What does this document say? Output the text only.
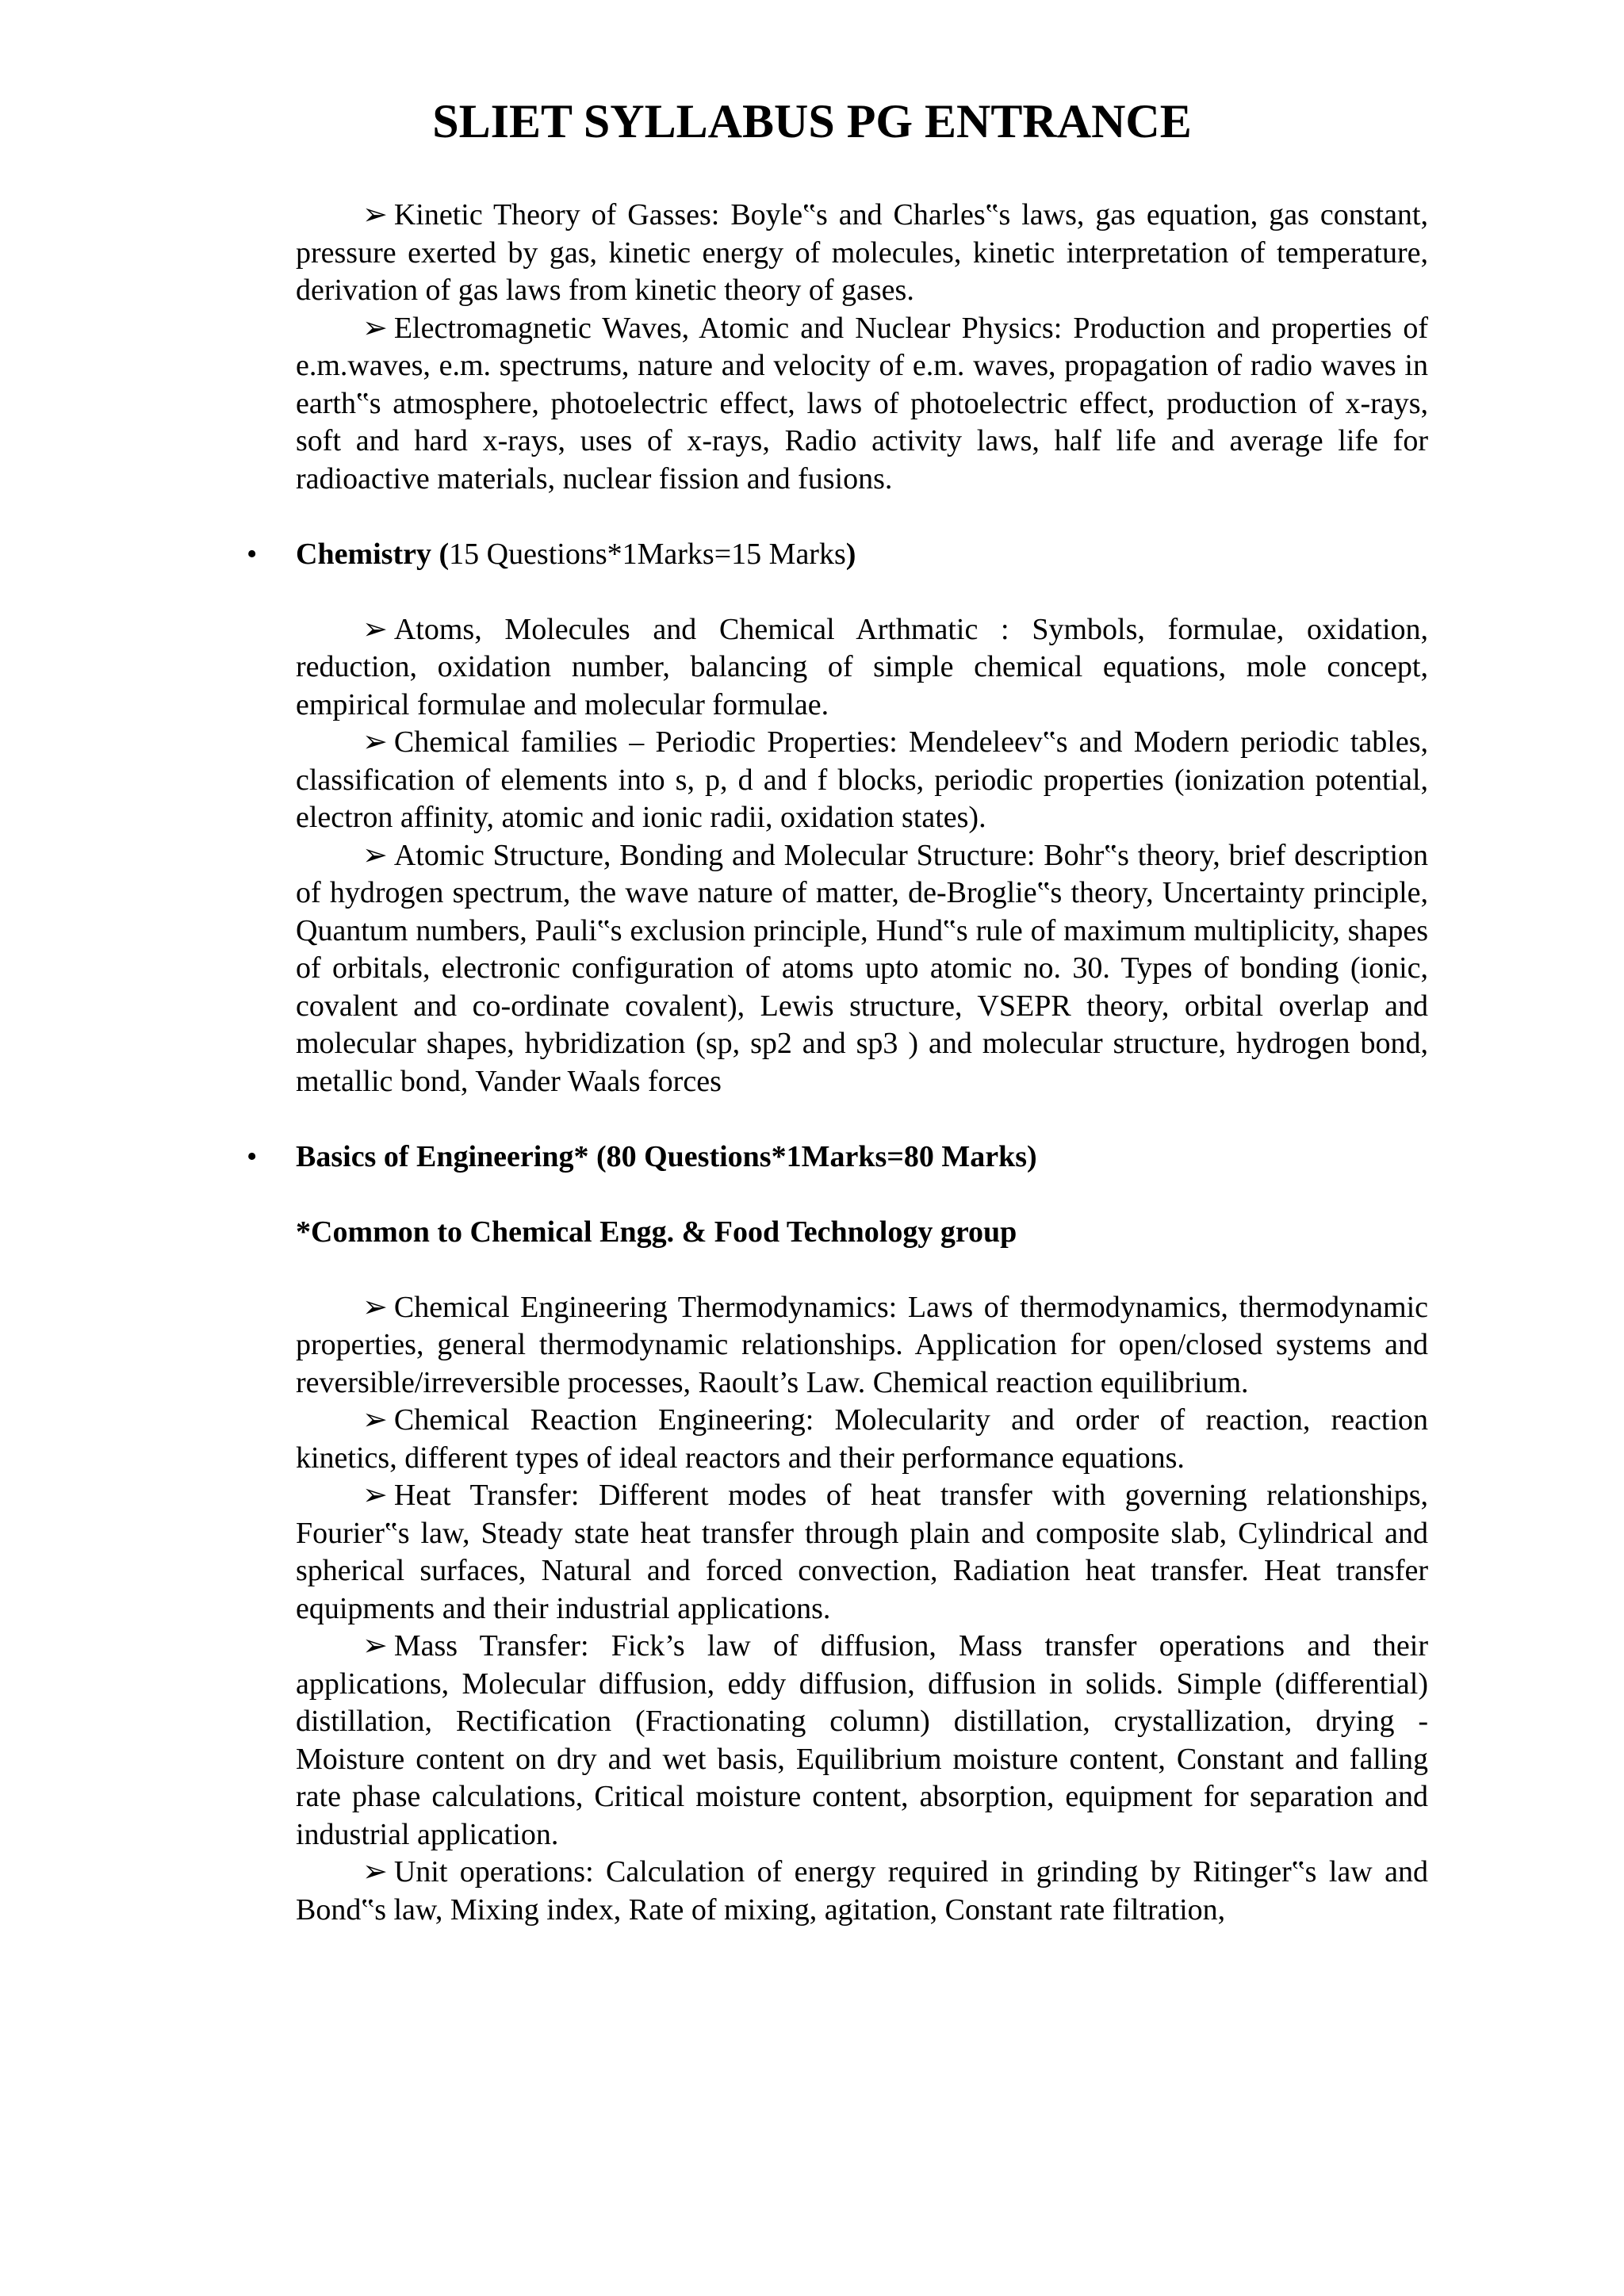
SLIET SYLLABUS PG ENTRANCE

➢ Kinetic Theory of Gasses: Boyle‟s and Charles‟s laws, gas equation, gas constant, pressure exerted by gas, kinetic energy of molecules, kinetic interpretation of temperature, derivation of gas laws from kinetic theory of gases.

➢ Electromagnetic Waves, Atomic and Nuclear Physics: Production and properties of e.m.waves, e.m. spectrums, nature and velocity of e.m. waves, propagation of radio waves in earth‟s atmosphere, photoelectric effect, laws of photoelectric effect, production of x-rays, soft and hard x-rays, uses of x-rays, Radio activity laws, half life and average life for radioactive materials, nuclear fission and fusions.

• Chemistry (15 Questions*1Marks=15 Marks)

➢ Atoms, Molecules and Chemical Arthmatic : Symbols, formulae, oxidation, reduction, oxidation number, balancing of simple chemical equations, mole concept, empirical formulae and molecular formulae.

➢ Chemical families – Periodic Properties: Mendeleev‟s and Modern periodic tables, classification of elements into s, p, d and f blocks, periodic properties (ionization potential, electron affinity, atomic and ionic radii, oxidation states).

➢ Atomic Structure, Bonding and Molecular Structure: Bohr‟s theory, brief description of hydrogen spectrum, the wave nature of matter, de-Broglie‟s theory, Uncertainty principle, Quantum numbers, Pauli‟s exclusion principle, Hund‟s rule of maximum multiplicity, shapes of orbitals, electronic configuration of atoms upto atomic no. 30. Types of bonding (ionic, covalent and co-ordinate covalent), Lewis structure, VSEPR theory, orbital overlap and molecular shapes, hybridization (sp, sp2 and sp3 ) and molecular structure, hydrogen bond, metallic bond, Vander Waals forces

• Basics of Engineering* (80 Questions*1Marks=80 Marks)
*Common to Chemical Engg. & Food Technology group

➢ Chemical Engineering Thermodynamics: Laws of thermodynamics, thermodynamic properties, general thermodynamic relationships. Application for open/closed systems and reversible/irreversible processes, Raoult’s Law. Chemical reaction equilibrium.

➢ Chemical Reaction Engineering: Molecularity and order of reaction, reaction kinetics, different types of ideal reactors and their performance equations.

➢ Heat Transfer: Different modes of heat transfer with governing relationships, Fourier‟s law, Steady state heat transfer through plain and composite slab, Cylindrical and spherical surfaces, Natural and forced convection, Radiation heat transfer. Heat transfer equipments and their industrial applications.

➢ Mass Transfer: Fick’s law of diffusion, Mass transfer operations and their applications, Molecular diffusion, eddy diffusion, diffusion in solids. Simple (differential) distillation, Rectification (Fractionating column) distillation, crystallization, drying - Moisture content on dry and wet basis, Equilibrium moisture content, Constant and falling rate phase calculations, Critical moisture content, absorption, equipment for separation and industrial application.

➢ Unit operations: Calculation of energy required in grinding by Ritinger‟s law and Bond‟s law, Mixing index, Rate of mixing, agitation, Constant rate filtration,
